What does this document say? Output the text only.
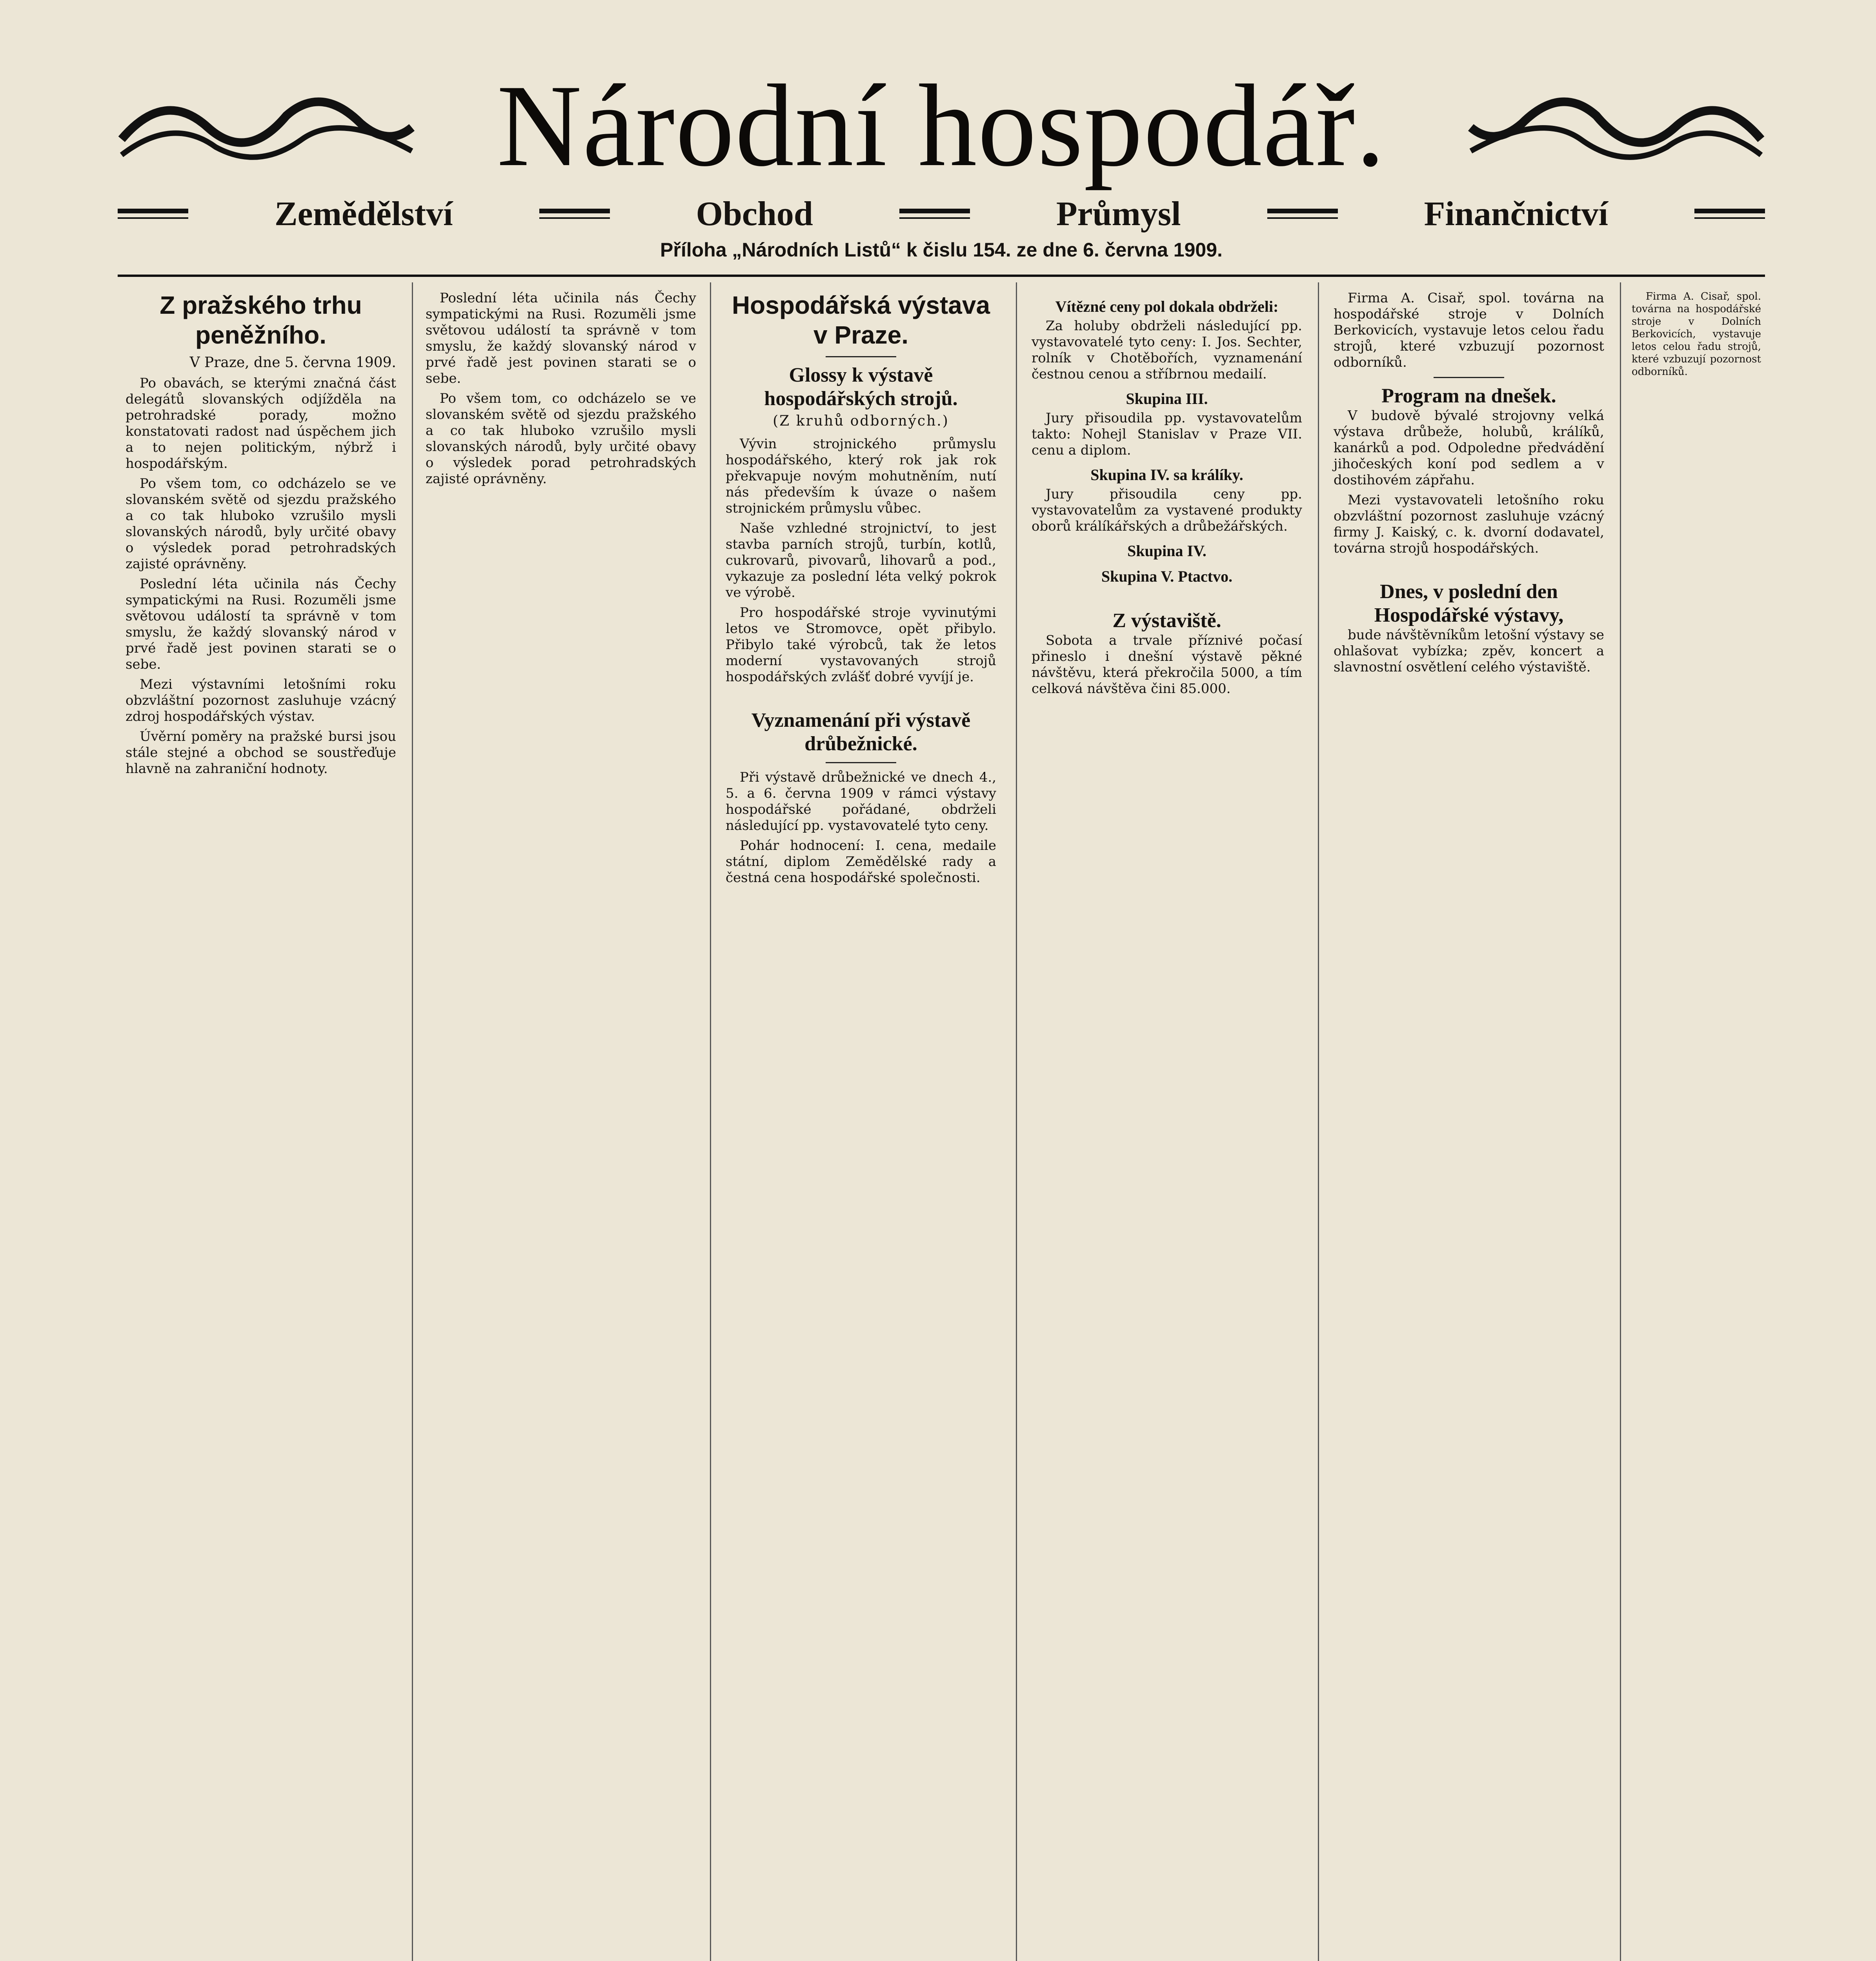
Národní hospodář.
Zemědělství	Obchod	Průmysl	Finančnictví
Příloha „Národních Listů“ k čislu 154. ze dne 6. června 1909.
Z pražského trhu peněžního.
V Praze, dne 5. června 1909.

Po obavách, se kterými značná část delegátů slovanských odjížděla na petrohradské porady, možno konstatovati radost nad úspěchem jich a to nejen politickým, nýbrž i hospodářským.

Po všem tom, co odcházelo se ve slovanském světě od sjezdu pražského a co tak hluboko vzrušilo mysli slovanských národů, byly určité obavy o výsledek porad petrohradských zajisté oprávněny.

Poslední léta učinila nás Čechy sympatickými na Rusi. Rozuměli jsme světovou událostí ta správně v tom smyslu, že každý slovanský národ v prvé řadě jest povinen starati se o sebe.

Mezi výstavními letošními roku obzvláštní pozornost zasluhuje vzácný zdroj hospodářských výstav.

Úvěrní poměry na pražské bursi jsou stále stejné a obchod se soustřeďuje hlavně na zahraniční hodnoty.

Poslední léta učinila nás Čechy sympatickými na Rusi. Rozuměli jsme světovou událostí ta správně v tom smyslu, že každý slovanský národ v prvé řadě jest povinen starati se o sebe.

Po všem tom, co odcházelo se ve slovanském světě od sjezdu pražského a co tak hluboko vzrušilo mysli slovanských národů, byly určité obavy o výsledek porad petrohradských zajisté oprávněny.

Hospodářská výstava v Praze.
Glossy k výstavě hospodářských strojů.
(Z kruhů odborných.)

Vývin strojnického průmyslu hospodářského, který rok jak rok překvapuje novým mohutněním, nutí nás především k úvaze o našem strojnickém průmyslu vůbec.

Naše vzhledné strojnictví, to jest stavba parních strojů, turbín, kotlů, cukrovarů, pivovarů, lihovarů a pod., vykazuje za poslední léta velký pokrok ve výrobě.

Pro hospodářské stroje vyvinutými letos ve Stromovce, opět přibylo. Přibylo také výrobců, tak že letos moderní vystavovaných strojů hospodářských zvlášť dobré vyvíjí je.

Vyznamenání při výstavě drůbežnické.

Při výstavě drůbežnické ve dnech 4., 5. a 6. června 1909 v rámci výstavy hospodářské pořádané, obdrželi následující pp. vystavovatelé tyto ceny.

Pohár hodnocení: I. cena, medaile státní, diplom Zemědělské rady a čestná cena hospodářské společnosti.

Vítězné ceny pol dokala obdrželi:

Za holuby obdrželi následující pp. vystavovatelé tyto ceny: I. Jos. Sechter, rolník v Chotěbořích, vyznamenání čestnou cenou a stříbrnou medailí.

Skupina III.

Jury přisoudila pp. vystavovatelům takto: Nohejl Stanislav v Praze VII. cenu a diplom.

Skupina IV. sa králíky.

Jury přisoudila ceny pp. vystavovatelům za vystavené produkty oborů králíkářských a drůbežářských.

Skupina IV.
Skupina V. Ptactvo.
Z výstaviště.

Sobota a trvale příznivé počasí přineslo i dnešní výstavě pěkné návštěvu, která překročila 5000, a tím celková návštěva čini 85.000.

Firma A. Cisař, spol. továrna na hospodářské stroje v Dolních Berkovicích, vystavuje letos celou řadu strojů, které vzbuzují pozornost odborníků.

Program na dnešek.

V budově bývalé strojovny velká výstava drůbeže, holubů, králíků, kanárků a pod. Odpoledne předvádění jihočeských koní pod sedlem a v dostihovém zápřahu.

Mezi vystavovateli letošního roku obzvláštní pozornost zasluhuje vzácný firmy J. Kaiský, c. k. dvorní dodavatel, továrna strojů hospodářských.

Dnes, v poslední den Hospodářské výstavy,

bude návštěvníkům letošní výstavy se ohlašovat vybízka; zpěv, koncert a slavnostní osvětlení celého výstaviště.

Firma A. Cisař, spol. továrna na hospodářské stroje v Dolních Berkovicích, vystavuje letos celou řadu strojů, které vzbuzují pozornost odborníků.
